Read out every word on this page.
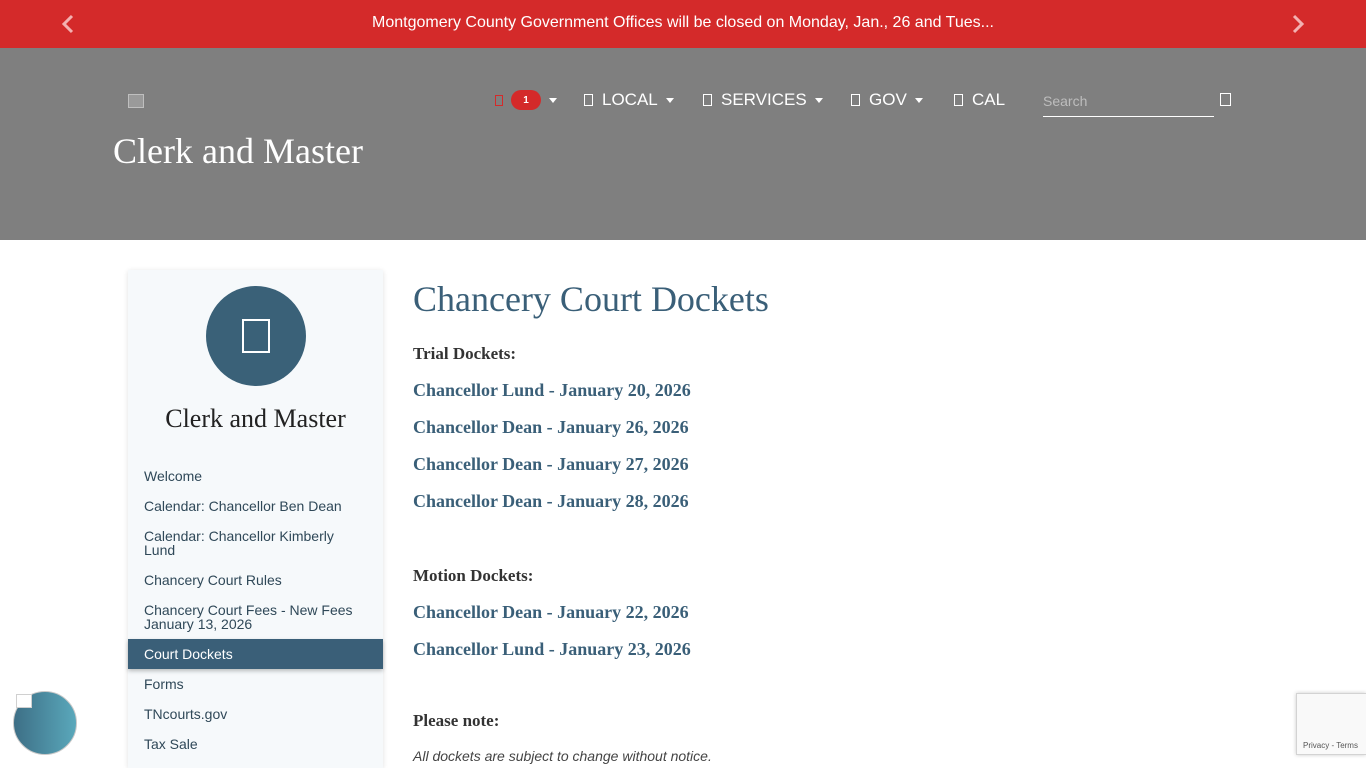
Montgomery County Government Offices will be closed on Monday, Jan., 26 and Tues...
Clerk and Master
1	LOCAL	SERVICES	GOV	CAL
Search
Clerk and Master
Welcome
Calendar: Chancellor Ben Dean
Calendar: Chancellor Kimberly Lund
Chancery Court Rules
Chancery Court Fees - New Fees January 13, 2026
Court Dockets
Forms
TNcourts.gov
Tax Sale
Chancery Court Dockets
Trial Dockets:
Chancellor Lund - January 20, 2026
Chancellor Dean - January 26, 2026
Chancellor Dean - January 27, 2026
Chancellor Dean - January 28, 2026
Motion Dockets:
Chancellor Dean - January 22, 2026
Chancellor Lund - January 23, 2026
Please note:
All dockets are subject to change without notice.
Privacy - Terms
